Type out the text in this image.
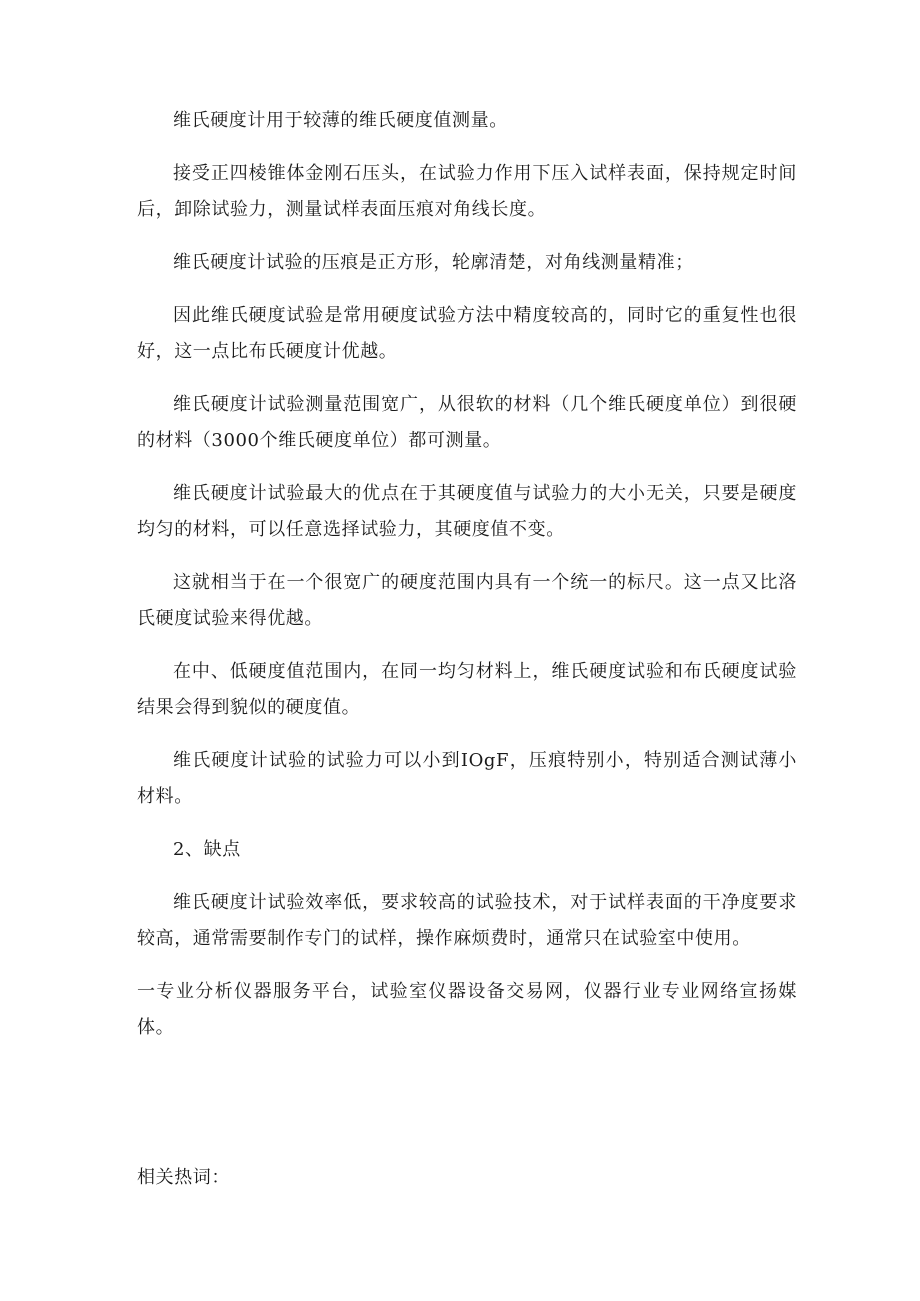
维氏硬度计用于较薄的维氏硬度值测量。

接受正四棱锥体金刚石压头，在试验力作用下压入试样表面，保持规定时间后，卸除试验力，测量试样表面压痕对角线长度。

维氏硬度计试验的压痕是正方形，轮廓清楚，对角线测量精准；

因此维氏硬度试验是常用硬度试验方法中精度较高的，同时它的重复性也很好，这一点比布氏硬度计优越。

维氏硬度计试验测量范围宽广，从很软的材料（几个维氏硬度单位）到很硬的材料（3000个维氏硬度单位）都可测量。

维氏硬度计试验最大的优点在于其硬度值与试验力的大小无关，只要是硬度均匀的材料，可以任意选择试验力，其硬度值不变。

这就相当于在一个很宽广的硬度范围内具有一个统一的标尺。这一点又比洛氏硬度试验来得优越。

在中、低硬度值范围内，在同一均匀材料上，维氏硬度试验和布氏硬度试验结果会得到貌似的硬度值。

维氏硬度计试验的试验力可以小到IOgF，压痕特别小，特别适合测试薄小材料。

2、缺点

维氏硬度计试验效率低，要求较高的试验技术，对于试样表面的干净度要求较高，通常需要制作专门的试样，操作麻烦费时，通常只在试验室中使用。

一专业分析仪器服务平台，试验室仪器设备交易网，仪器行业专业网络宣扬媒体。

相关热词：
